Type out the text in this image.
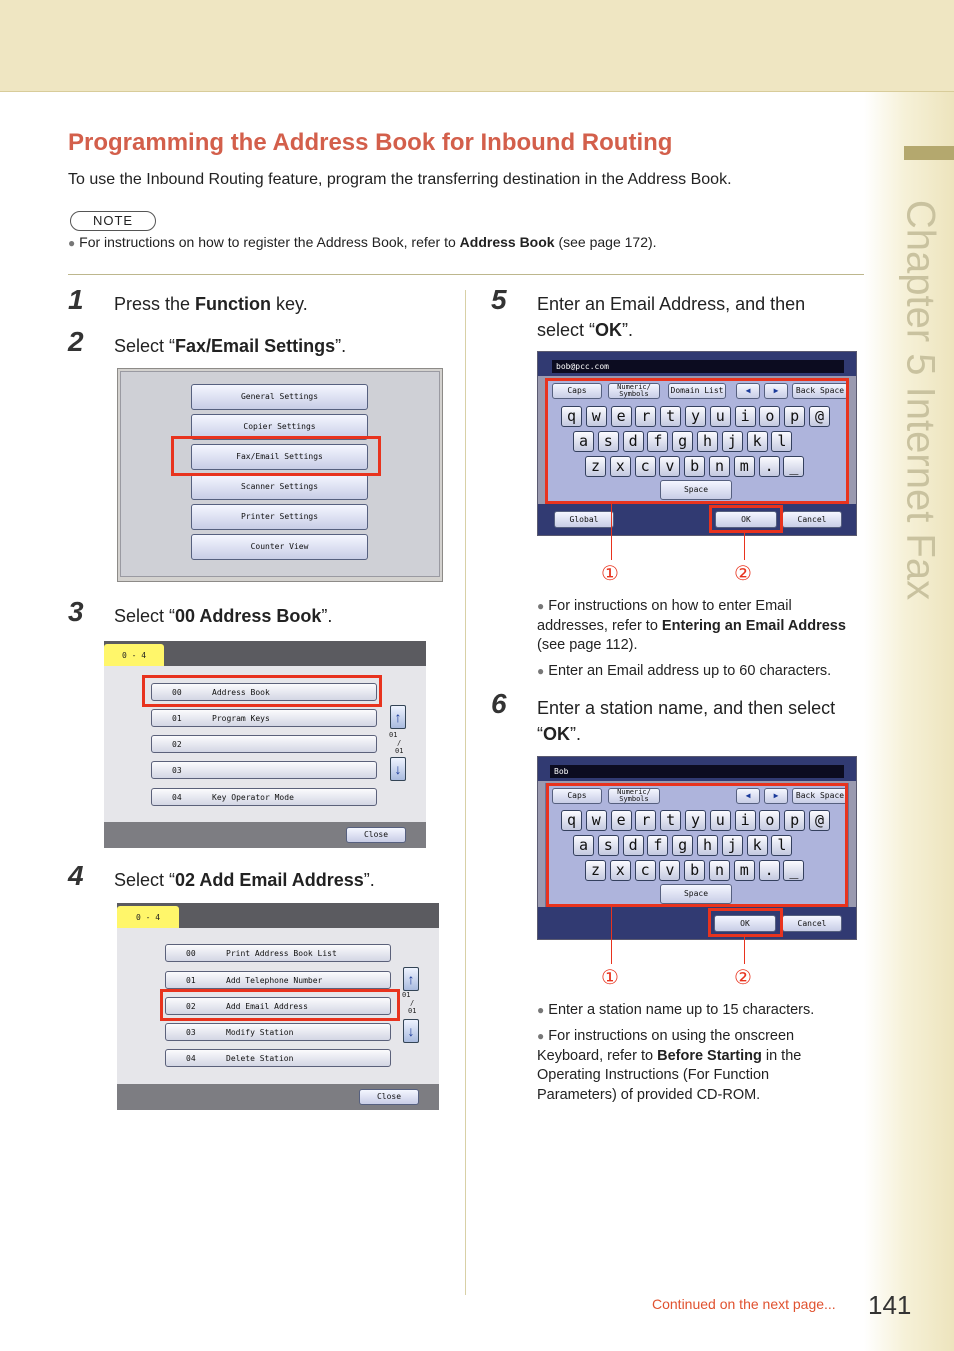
Chapter 5 Internet Fax
Programming the Address Book for Inbound Routing
To use the Inbound Routing feature, program the transferring destination in the Address Book.
NOTE
● For instructions on how to register the Address Book, refer to Address Book (see page 172).
1 Press the Function key.
2 Select “Fax/Email Settings”.
General Settings
Copier Settings
Fax/Email Settings
Scanner Settings
Printer Settings
Counter View
3 Select “00 Address Book”.
0 - 4
00	Address Book
01	Program Keys
02
03
04	Key Operator Mode
↑
01
/
01
↓
Close
4 Select “02 Add Email Address”.
0 - 4
00	Print Address Book List
01	Add Telephone Number
02	Add Email Address
03	Modify Station
04	Delete Station
↑
01
/
01
↓
Close
5 Enter an Email Address, and then
select “OK”.
bob@pcc.com
Caps	Numeric/ Symbols	Domain List	◀	▶	Back Space
Space
Global	OK	Cancel
q	w	e	r	t	y	u	i	o	p	@
a	s	d	f	g	h	j	k	l
z	x	c	v	b	n	m	.	_
①	②
● For instructions on how to enter Email addresses, refer to Entering an Email Address (see page 112).
● Enter an Email address up to 60 characters.
6 Enter a station name, and then select
“OK”.
Bob
Caps	Numeric/ Symbols	◀	▶	Back Space
Space
OK	Cancel
q	w	e	r	t	y	u	i	o	p	@
a	s	d	f	g	h	j	k	l
z	x	c	v	b	n	m	.	_
①	②
● Enter a station name up to 15 characters.
● For instructions on using the onscreen Keyboard, refer to Before Starting in the Operating Instructions (For Function Parameters) of provided CD-ROM.
Continued on the next page... 141
